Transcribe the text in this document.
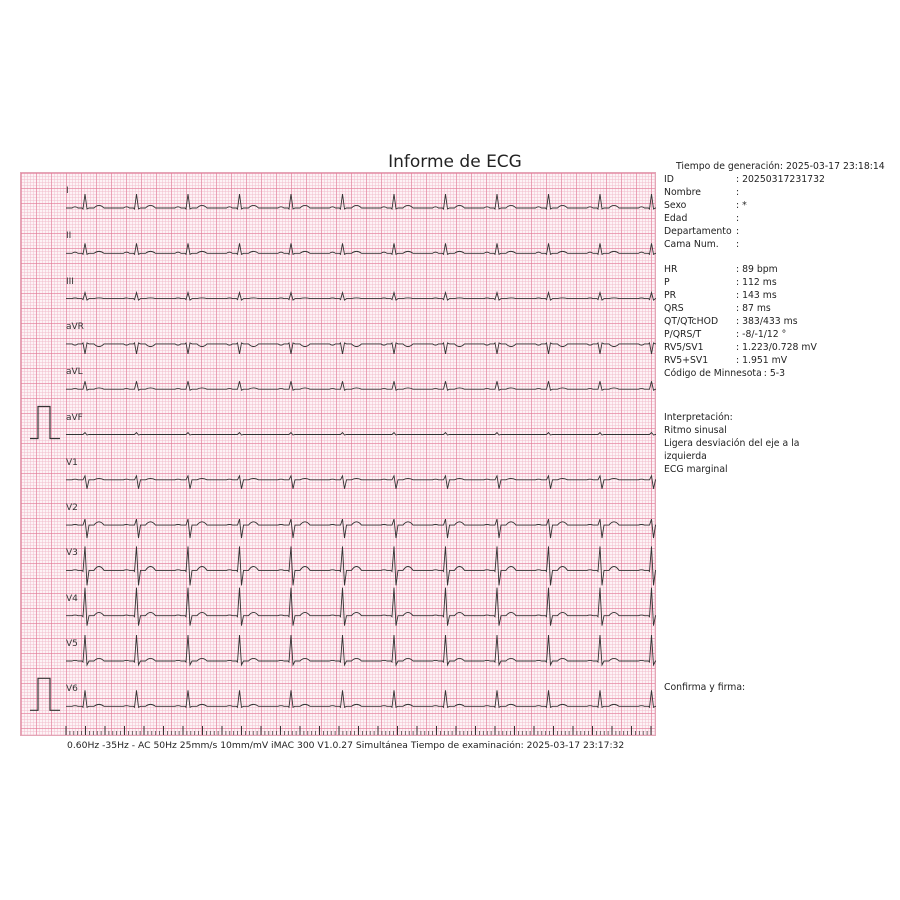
Informe de ECG
I
II
III
aVR
aVL
aVF
V1
V2
V3
V4
V5
V6
0.60Hz -35Hz - AC 50Hz 25mm/s 10mm/mV iMAC 300 V1.0.27 Simultánea Tiempo de examinación: 2025-03-17 23:17:32
Tiempo de generación: 2025-03-17 23:18:14
ID	: 20250317231732
Nombre	:
Sexo	: *
Edad	:
Departamento :
Cama Num. :
HR	: 89 bpm
P	: 112 ms
PR	: 143 ms
QRS	: 87 ms
QT/QTcHOD : 383/433 ms
P/QRS/T	: -8/-1/12 °
RV5/SV1	: 1.223/0.728 mV
RV5+SV1	: 1.951 mV
Código de Minnesota : 5-3
Interpretación:
Ritmo sinusal
Ligera desviación del eje a la
izquierda
ECG marginal
Confirma y firma:
